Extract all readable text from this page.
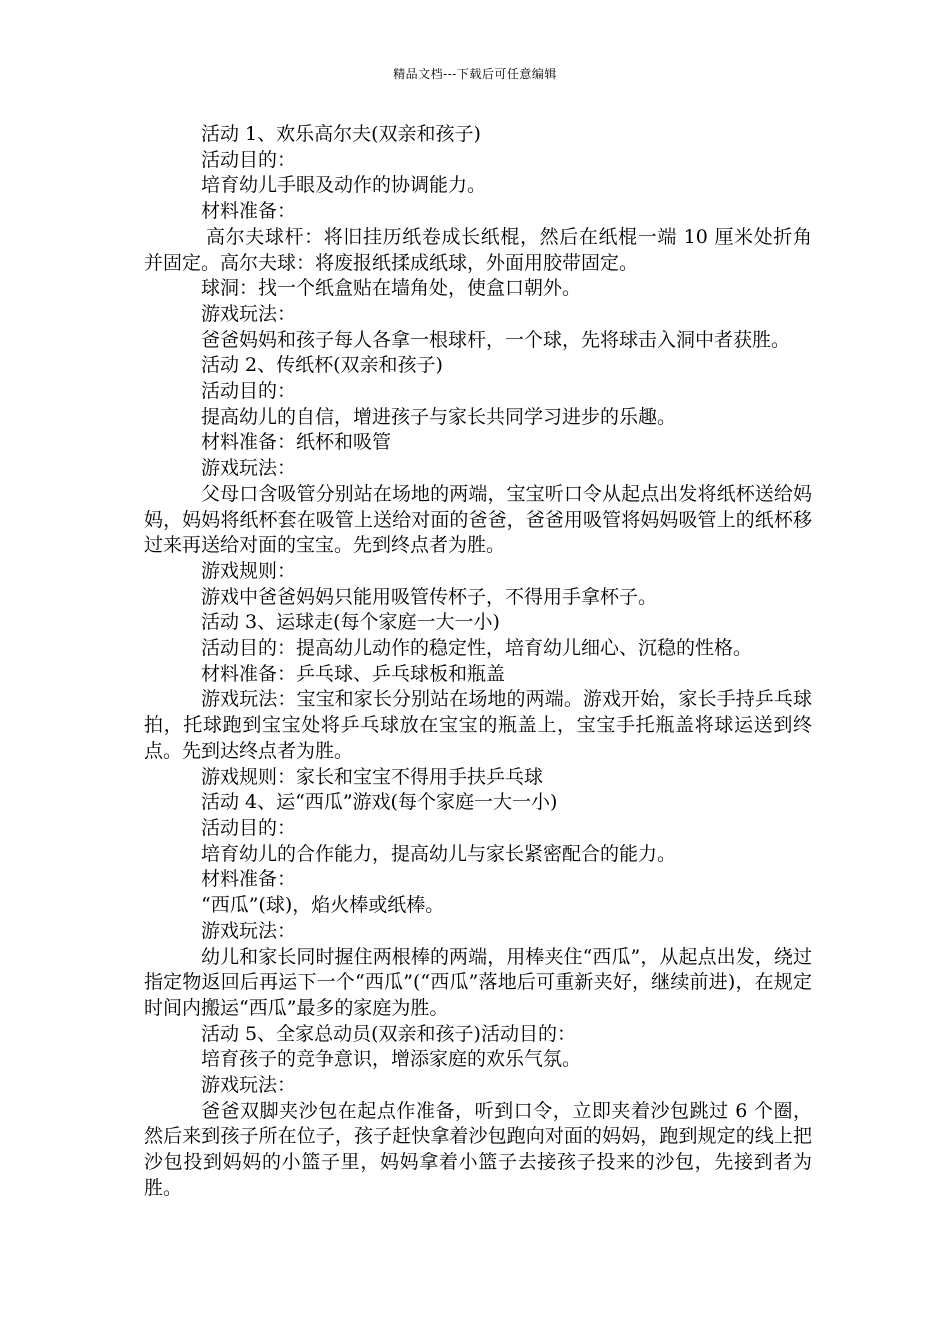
精品文档---下载后可任意编辑

活动 1、欢乐高尔夫(双亲和孩子)

活动目的：

培育幼儿手眼及动作的协调能力。

材料准备：

高尔夫球杆：将旧挂历纸卷成长纸棍，然后在纸棍一端 10 厘米处折角并固定。高尔夫球：将废报纸揉成纸球，外面用胶带固定。

球洞：找一个纸盒贴在墙角处，使盒口朝外。

游戏玩法：

爸爸妈妈和孩子每人各拿一根球杆，一个球，先将球击入洞中者获胜。

活动 2、传纸杯(双亲和孩子)

活动目的：

提高幼儿的自信，增进孩子与家长共同学习进步的乐趣。

材料准备：纸杯和吸管

游戏玩法：

父母口含吸管分别站在场地的两端，宝宝听口令从起点出发将纸杯送给妈妈，妈妈将纸杯套在吸管上送给对面的爸爸，爸爸用吸管将妈妈吸管上的纸杯移过来再送给对面的宝宝。先到终点者为胜。

游戏规则：

游戏中爸爸妈妈只能用吸管传杯子，不得用手拿杯子。

活动 3、运球走(每个家庭一大一小)

活动目的：提高幼儿动作的稳定性，培育幼儿细心、沉稳的性格。

材料准备：乒乓球、乒乓球板和瓶盖

游戏玩法：宝宝和家长分别站在场地的两端。游戏开始，家长手持乒乓球拍，托球跑到宝宝处将乒乓球放在宝宝的瓶盖上，宝宝手托瓶盖将球运送到终点。先到达终点者为胜。

游戏规则：家长和宝宝不得用手扶乒乓球

活动 4、运“西瓜”游戏(每个家庭一大一小)

活动目的：

培育幼儿的合作能力，提高幼儿与家长紧密配合的能力。

材料准备：

“西瓜”(球)，焰火棒或纸棒。

游戏玩法：

幼儿和家长同时握住两根棒的两端，用棒夹住“西瓜”，从起点出发，绕过指定物返回后再运下一个“西瓜”(“西瓜”落地后可重新夹好，继续前进)，在规定时间内搬运“西瓜”最多的家庭为胜。

活动 5、全家总动员(双亲和孩子)活动目的：

培育孩子的竞争意识，增添家庭的欢乐气氛。

游戏玩法：

爸爸双脚夹沙包在起点作准备，听到口令，立即夹着沙包跳过 6 个圈，然后来到孩子所在位子，孩子赶快拿着沙包跑向对面的妈妈，跑到规定的线上把沙包投到妈妈的小篮子里，妈妈拿着小篮子去接孩子投来的沙包，先接到者为胜。
